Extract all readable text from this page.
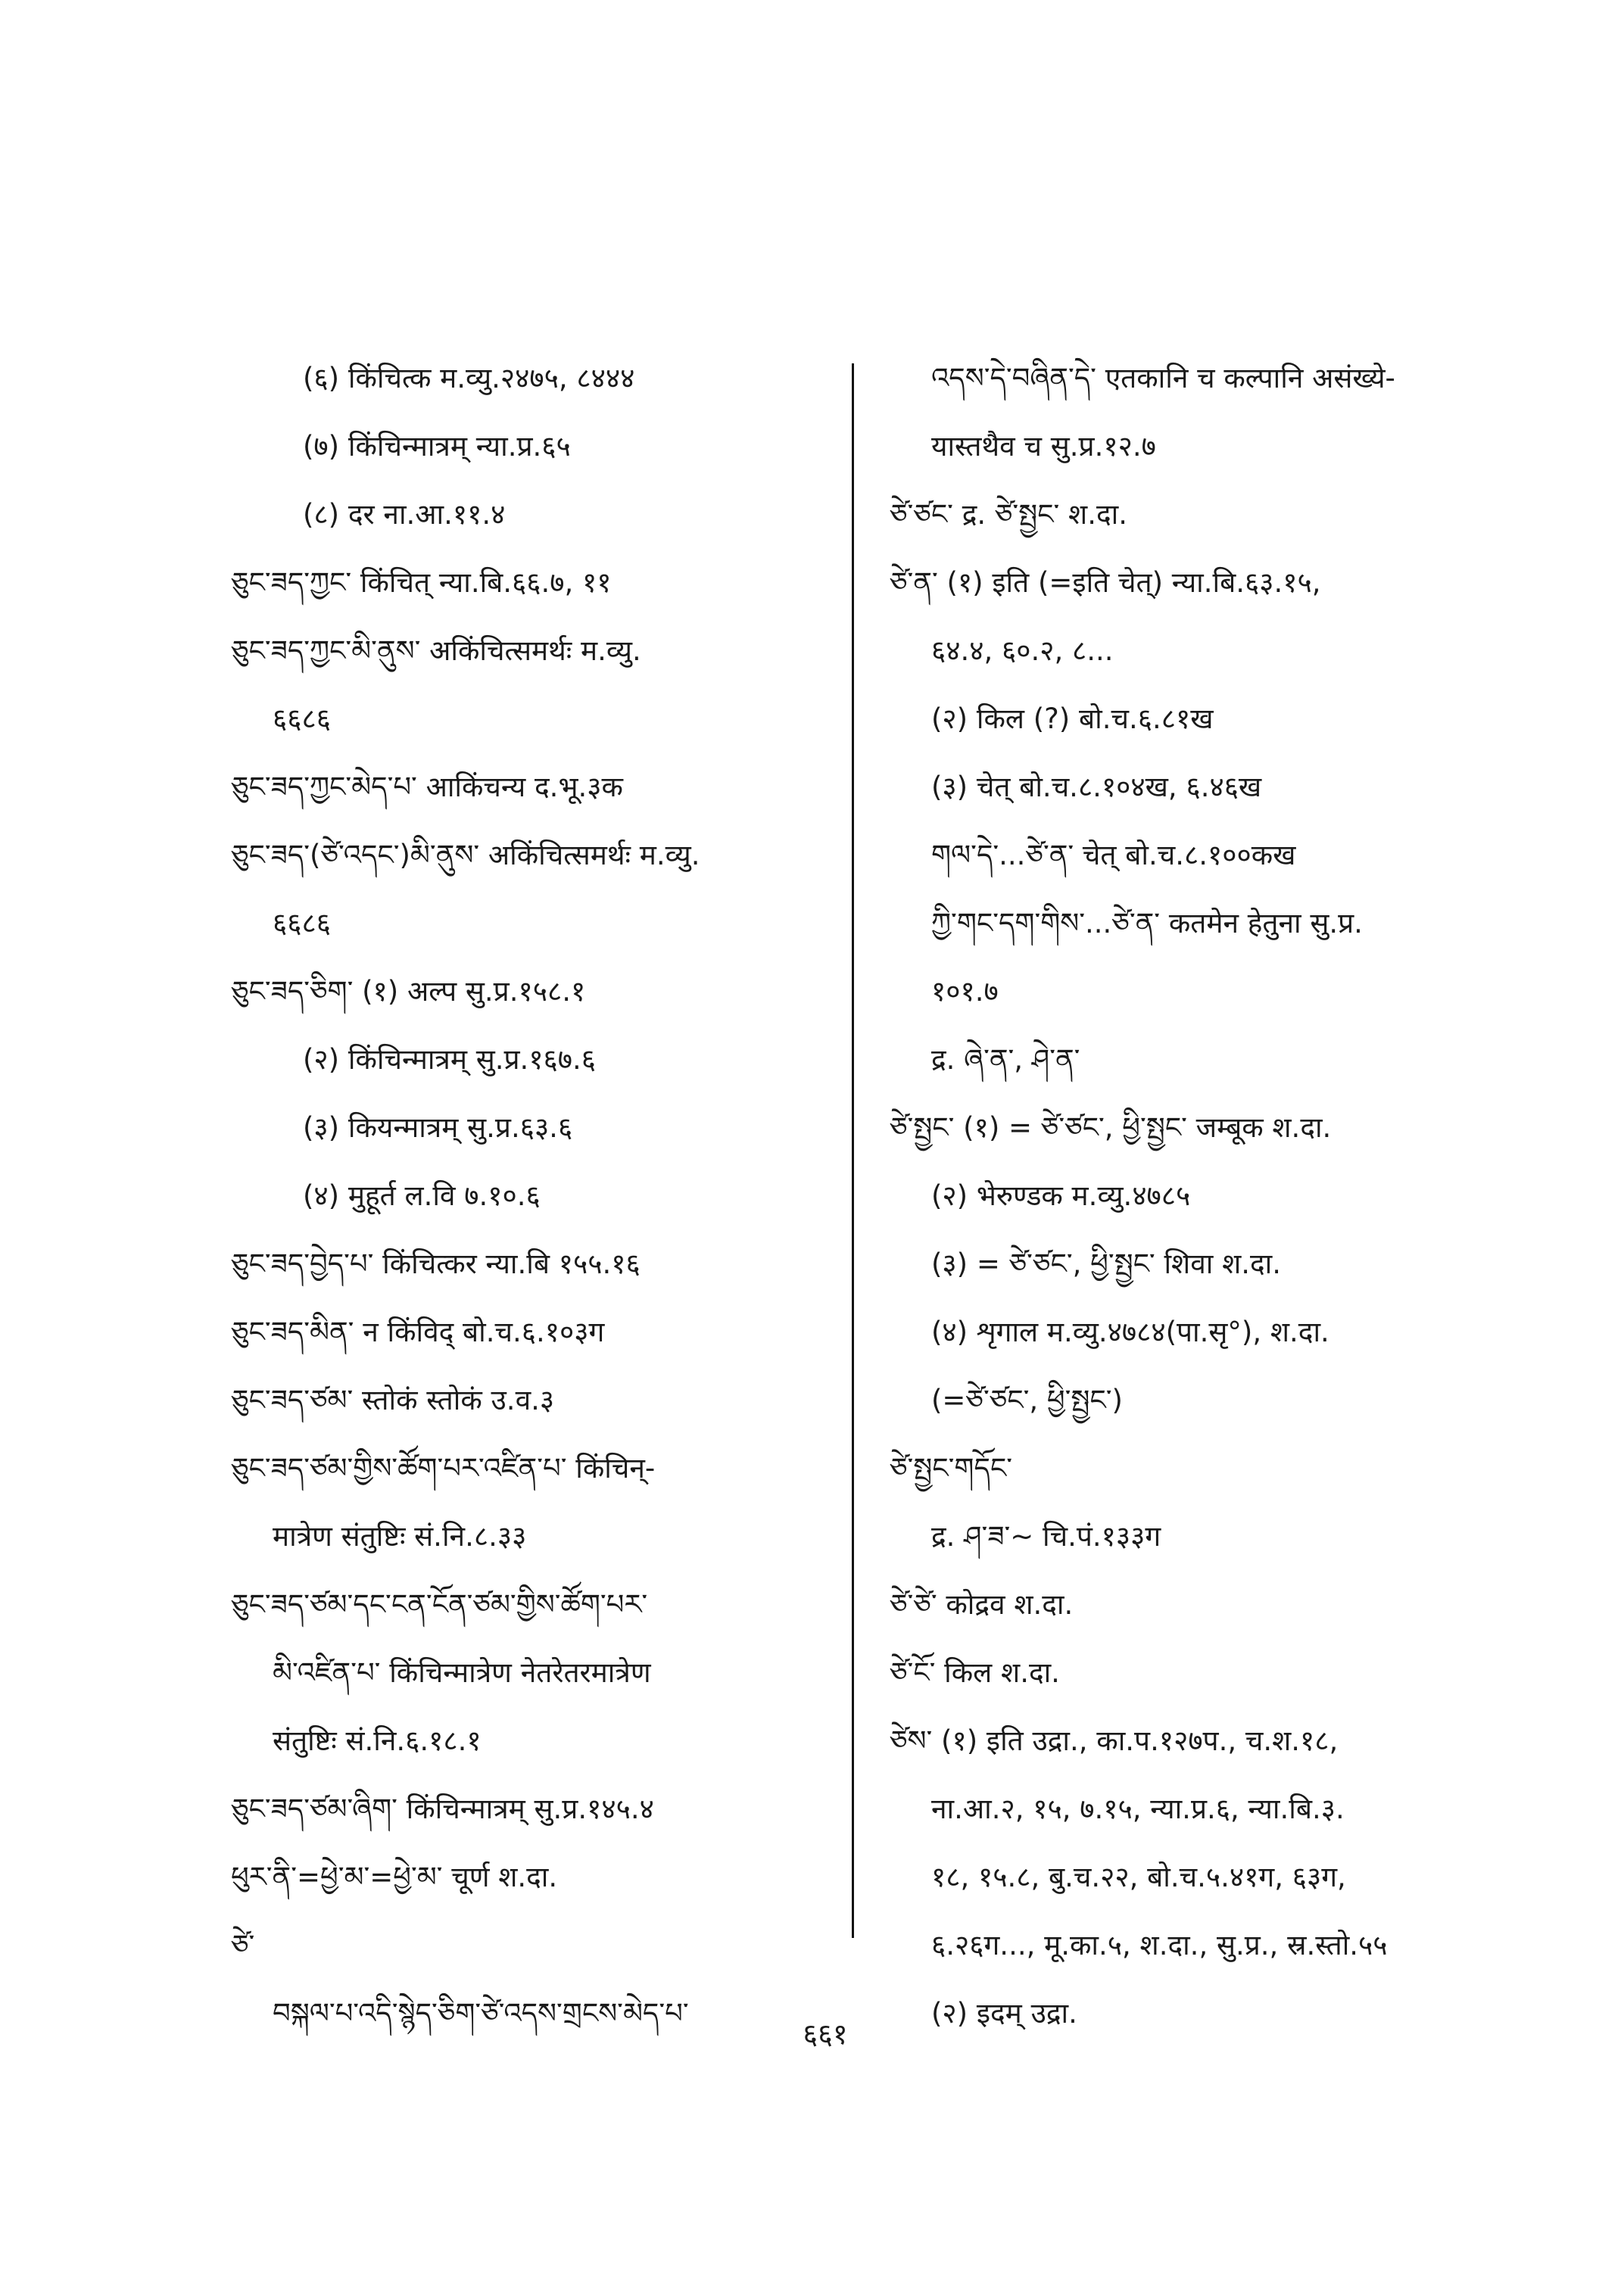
(६) किंचित्क म.व्यु.२४७५, ८४४४
(७) किंचिन्मात्रम् न्या.प्र.६५
(८) दर ना.आ.११.४
ཅུང་ཟད་ཀྱང་ किंचित् न्या.बि.६६.७, ११
ཅུང་ཟད་ཀྱང་མི་ནུས་ अकिंचित्समर्थः म.व्यु.
६६८६
ཅུང་ཟད་ཀྱང་མེད་པ་ आकिंचन्य द.भू.३क
ཅུང་ཟད་(ཙེ་འདང་)མི་ནུས་ अकिंचित्समर्थः म.व्यु.
६६८६
ཅུང་ཟད་ཅིག་ (१) अल्प सु.प्र.१५८.१
(२) किंचिन्मात्रम् सु.प्र.१६७.६
(३) कियन्मात्रम् सु.प्र.६३.६
(४) मुहूर्त ल.वि ७.१०.६
ཅུང་ཟད་བྱེད་པ་ किंचित्कर न्या.बि १५५.१६
ཅུང་ཟད་མིན་ न किंविद् बो.च.६.१०३ग
ཅུང་ཟད་ཙམ་ स्तोकं स्तोकं उ.व.३
ཅུང་ཟད་ཙམ་གྱིས་ཚོག་པར་འཛིན་པ་ किंचिन्-
मात्रेण संतुष्टिः सं.नि.८.३३
ཅུང་ཟད་ཙམ་དང་ངན་ངོན་ཙམ་གྱིས་ཚོག་པར་
མི་འཛིན་པ་ किंचिन्मात्रेण नेतरेतरमात्रेण
संतुष्टिः सं.नि.६.१८.१
ཅུང་ཟད་ཙམ་ཞིག་ किंचिन्मात्रम् सु.प्र.१४५.४
ཕུར་ནི་=ཕྱེ་མ་=ཕྱེ་མ་ चूर्ण श.दा.
ཙེ་
བསྐལ་པ་འདི་སྙེད་ཅིག་ཙེ་འདས་གྲངས་མེད་པ་
འདས་དེ་བཞིན་དེ་ एतकानि च कल्पानि असंख्ये-
यास्तथैव च सु.प्र.१२.७
ཙེ་ཙང་ द्र. ཙེ་སྤྱང་ श.दा.
ཙེ་ན་ (१) इति (=इति चेत्) न्या.बि.६३.१५,
६४.४, ६०.२, ८...
(२) किल (?) बो.च.६.८१ख
(३) चेत् बो.च.८.१०४ख, ६.४६ख
གལ་དེ་...ཙེ་ན་ चेत् बो.च.८.१००कख
ཀྱི་གང་དག་གིས་...ཙེ་ན་ कतमेन हेतुना सु.प्र.
१०१.७
द्र. ཞེ་ན་, ཤེ་ན་
ཙེ་སྤྱང་ (१) = ཙེ་ཙང་, ཕྱི་སྤྱང་ जम्बूक श.दा.
(२) भेरुण्डक म.व्यु.४७८५
(३) = ཙེ་ཙང་, ཕྱི་སྤྱང་ शिवा श.दा.
(४) शृगाल म.व्यु.४७८४(पा.सृ°), श.दा.
(=ཙེ་ཙང་, ཕྱི་སྤྱང་)
ཙེ་སྤྱང་གདོང་
द्र. ཤ་ཟ་~ चि.पं.१३३ग
ཙེ་ཙེ་ कोद्रव श.दा.
ཙེ་ངོ་ किल श.दा.
ཙེས་ (१) इति उद्रा., का.प.१२७प., च.श.१८,
ना.आ.२, १५, ७.१५, न्या.प्र.६, न्या.बि.३.
१८, १५.८, बु.च.२२, बो.च.५.४१ग, ६३ग,
६.२६ग..., मू.का.५, श.दा., सु.प्र., स्र.स्तो.५५
(२) इदम् उद्रा.
६६१
